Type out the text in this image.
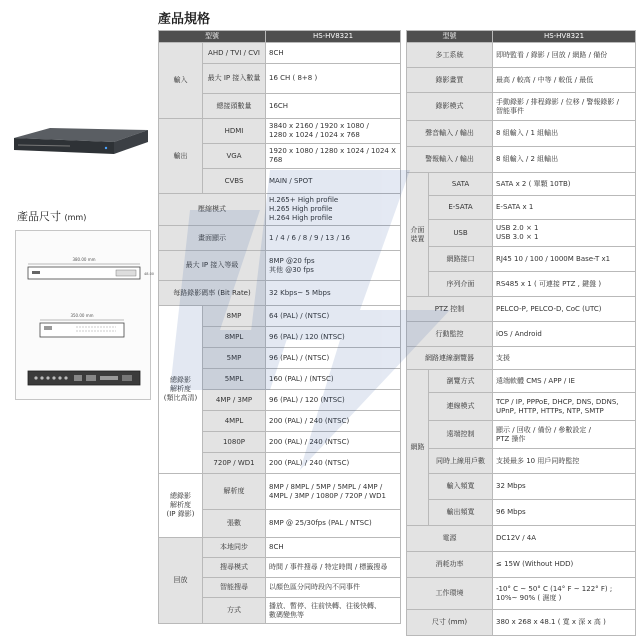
產品規格
產品尺寸 (mm)
380.00 mm
48.00
350.00 mm
型號		HS-HV8321
輸入	AHD / TVI / CVI	8CH
	最大 IP 接入數量	16 CH ( 8+8 )
	總接頭數量	16CH
輸出	HDMI	3840 x 2160 / 1920 x 1080 /
1280 x 1024 / 1024 x 768
	VGA	1920 x 1080 / 1280 x 1024 / 1024 X 768
	CVBS	MAIN / SPOT
壓縮模式		H.265+ High profile
H.265 High profile
H.264 High profile
畫面顯示		1 / 4 / 6 / 8 / 9 / 13 / 16
最大 IP 接入等級		8MP @20 fps
其他 @30 fps
每路錄影碼率 (Bit Rate)		32 Kbps~ 5 Mbps
總錄影
解析度
(類比高清)	8MP	64 (PAL) / (NTSC)
	8MPL	96 (PAL) / 120 (NTSC)
	5MP	96 (PAL) / (NTSC)
	5MPL	160 (PAL) / (NTSC)
	4MP / 3MP	96 (PAL) / 120 (NTSC)
	4MPL	200 (PAL) / 240 (NTSC)
	1080P	200 (PAL) / 240 (NTSC)
	720P / WD1	200 (PAL) / 240 (NTSC)
總錄影
解析度
(IP 錄影)	解析度	8MP / 8MPL / 5MP / 5MPL / 4MP /
4MPL / 3MP / 1080P / 720P / WD1
	張數	8MP @ 25/30fps (PAL / NTSC)
回放	本地同步	8CH
	搜尋模式	時間 / 事件搜尋 / 特定時間 / 標籤搜尋
	智能搜尋	以顏色區分同時段內不同事件
	方式	播放、暫停、往前快轉、往後快轉、
數碼變焦等
型號		HS-HV8321
多工系統		即時監看 / 錄影 / 回放 / 網路 / 備份
錄影畫質		最高 / 較高 / 中等 / 較低 / 最低
錄影模式		手動錄影 / 排程錄影 / 位移 / 警報錄影 /
智能事件
聲音輸入 / 輸出		8 組輸入 / 1 組輸出
警報輸入 / 輸出		8 組輸入 / 2 組輸出
介面
裝置	SATA	SATA x 2 ( 單顆 10TB)
	E-SATA	E-SATA x 1
	USB	USB 2.0 × 1
USB 3.0 × 1
	網路接口	RJ45 10 / 100 / 1000M Base-T x1
	序列介面	RS485 x 1 ( 可連接 PTZ , 鍵盤 )
PTZ 控制		PELCO-P, PELCO-D, CoC (UTC)
行動監控		iOS / Android
網路連線瀏覽器		支援
網路	瀏覽方式	遠端軟體 CMS / APP / IE
	連線模式	TCP / IP, PPPoE, DHCP, DNS, DDNS,
UPnP, HTTP, HTTPs, NTP, SMTP
	遠端控制	顯示 / 回收 / 備份 / 參數設定 /
PTZ 操作
	同時上線用戶數	支援最多 10 用戶同時監控
	輸入頻寬	32 Mbps
	輸出頻寬	96 Mbps
電源		DC12V / 4A
消耗功率		≤ 15W (Without HDD)
工作環境		-10° C ~ 50° C (14° F ~ 122° F) ;
10%~ 90% ( 濕度 )
尺寸 (mm)		380 x 268 x 48.1 ( 寬 x 深 x 高 )
